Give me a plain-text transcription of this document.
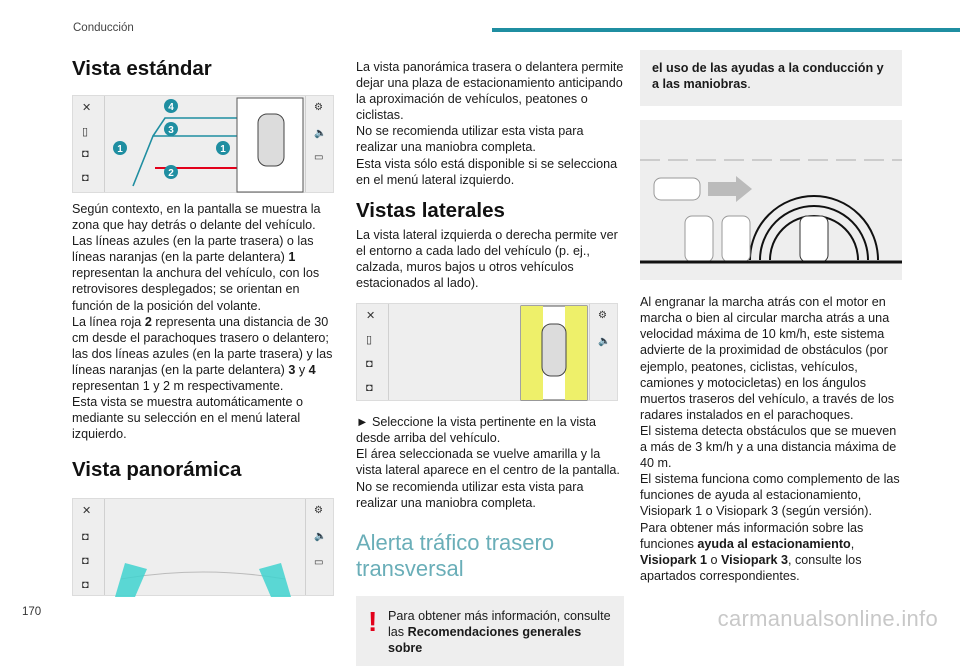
Conducción
Vista estándar
✕
▯
◘
◘
⚙
🔈
▭
4
3
1	1
2

Según contexto, en la pantalla se muestra la zona que hay detrás o delante del vehículo.
Las líneas azules (en la parte trasera) o las líneas naranjas (en la parte delantera) 1 representan la anchura del vehículo, con los retrovisores desplegados; se orientan en función de la posición del volante.
La línea roja 2 representa una distancia de 30 cm desde el parachoques trasero o delantero; las dos líneas azules (en la parte trasera) y las líneas naranjas (en la parte delantera) 3 y 4 representan 1 y 2 m respectivamente.
Esta vista se muestra automáticamente o mediante su selección en el menú lateral izquierdo.

Vista panorámica
✕
◘
◘
◘
⚙
🔈
▭

La vista panorámica trasera o delantera permite dejar una plaza de estacionamiento anticipando la aproximación de vehículos, peatones o ciclistas.
No se recomienda utilizar esta vista para realizar una maniobra completa.
Esta vista sólo está disponible si se selecciona en el menú lateral izquierdo.

Vistas laterales

La vista lateral izquierda o derecha permite ver el entorno a cada lado del vehículo (p. ej., calzada, muros bajos u otros vehículos estacionados al lado).

✕
▯
◘
◘
⚙
🔈

► Seleccione la vista pertinente en la vista desde arriba del vehículo.
El área seleccionada se vuelve amarilla y la vista lateral aparece en el centro de la pantalla.
No se recomienda utilizar esta vista para realizar una maniobra completa.

Alerta tráfico trasero transversal
! Para obtener más información, consulte las Recomendaciones generales sobre

el uso de las ayudas a la conducción y a las maniobras.

Al engranar la marcha atrás con el motor en marcha o bien al circular marcha atrás a una velocidad máxima de 10 km/h, este sistema advierte de la proximidad de obstáculos (por ejemplo, peatones, ciclistas, vehículos, camiones y motocicletas) en los ángulos muertos traseros del vehículo, a través de los radares instalados en el parachoques.
El sistema detecta obstáculos que se mueven a más de 3 km/h y a una distancia máxima de 40 m.
El sistema funciona como complemento de las funciones de ayuda al estacionamiento, Visiopark 1 o Visiopark 3 (según versión).
Para obtener más información sobre las funciones ayuda al estacionamiento, Visiopark 1 o Visiopark 3, consulte los apartados correspondientes.

170	carmanualsonline.info
